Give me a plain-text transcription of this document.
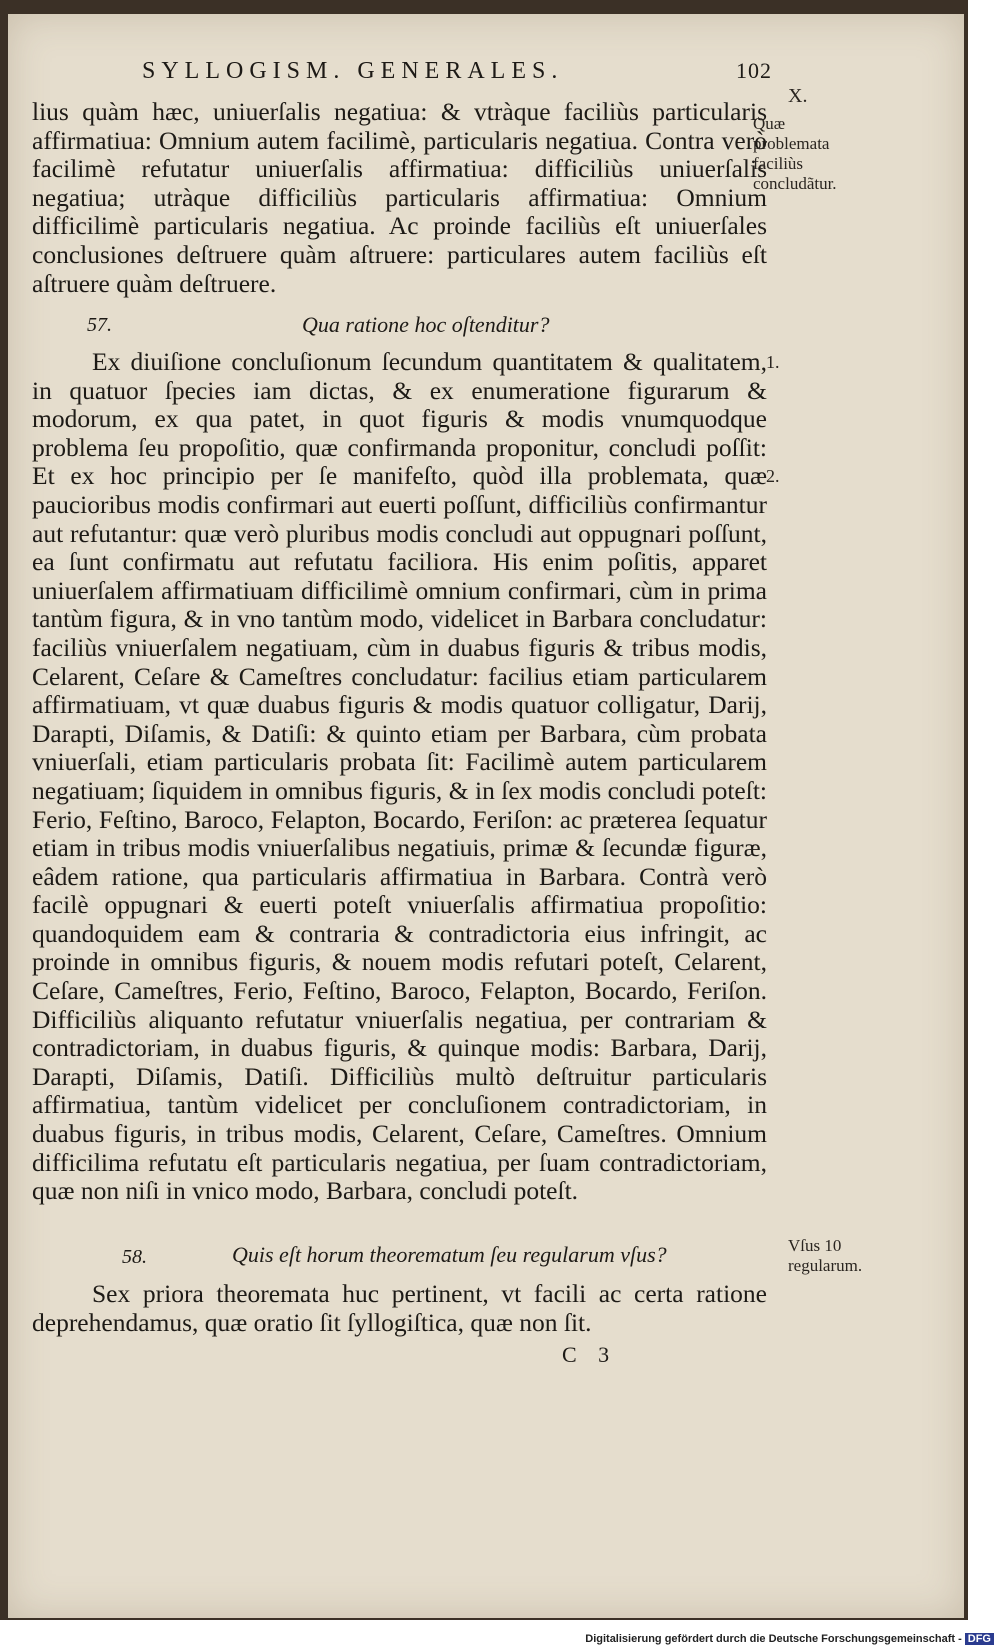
SYLLOGISM. GENERALES.	102
lius quàm hæc, uniuerſalis negatiua: & vtràque faciliùs particularis affirmatiua: Omnium autem facilimè, particularis negatiua. Contra verò facilimè refutatur uniuerſalis affirmatiua: difficiliùs uniuerſalis negatiua; utràque difficiliùs particularis affirmatiua: Omnium difficilimè particularis negatiua. Ac proinde faciliùs eſt uniuerſales conclusiones deſtruere quàm aſtruere: particulares autem faciliùs eſt aſtruere quàm deſtruere.
57.	Qua ratione hoc oſtenditur?
Ex diuiſione concluſionum ſecundum quantitatem & qualitatem, in quatuor ſpecies iam dictas, & ex enumeratione figurarum & modorum, ex qua patet, in quot figuris & modis vnumquodque problema ſeu propoſitio, quæ confirmanda proponitur, concludi poſſit: Et ex hoc principio per ſe manifeſto, quòd illa problemata, quæ paucioribus modis confirmari aut euerti poſſunt, difficiliùs confirmantur aut refutantur: quæ verò pluribus modis concludi aut oppugnari poſſunt, ea ſunt confirmatu aut refutatu faciliora. His enim poſitis, apparet uniuerſalem affirmatiuam difficilimè omnium confirmari, cùm in prima tantùm figura, & in vno tantùm modo, videlicet in Barbara concludatur: faciliùs vniuerſalem negatiuam, cùm in duabus figuris & tribus modis, Celarent, Ceſare & Cameſtres concludatur: facilius etiam particularem affirmatiuam, vt quæ duabus figuris & modis quatuor colligatur, Darij, Darapti, Diſamis, & Datiſi: & quinto etiam per Barbara, cùm probata vniuerſali, etiam particularis probata ſit: Facilimè autem particularem negatiuam; ſiquidem in omnibus figuris, & in ſex modis concludi poteſt: Ferio, Feſtino, Baroco, Felapton, Bocardo, Feriſon: ac præterea ſequatur etiam in tribus modis vniuerſalibus negatiuis, primæ & ſecundæ figuræ, eâdem ratione, qua particularis affirmatiua in Barbara. Contrà verò facilè oppugnari & euerti poteſt vniuerſalis affirmatiua propoſitio: quandoquidem eam & contraria & contradictoria eius infringit, ac proinde in omnibus figuris, & nouem modis refutari poteſt, Celarent, Ceſare, Cameſtres, Ferio, Feſtino, Baroco, Felapton, Bocardo, Feriſon. Difficiliùs aliquanto refutatur vniuerſalis negatiua, per contrariam & contradictoriam, in duabus figuris, & quinque modis: Barbara, Darij, Darapti, Diſamis, Datiſi. Difficiliùs multò deſtruitur particularis affirmatiua, tantùm videlicet per concluſionem contradictoriam, in duabus figuris, in tribus modis, Celarent, Ceſare, Cameſtres. Omnium difficilima refutatu eſt particularis negatiua, per ſuam contradictoriam, quæ non niſi in vnico modo, Barbara, concludi poteſt.
58.	Quis eſt horum theorematum ſeu regularum vſus?
Sex priora theoremata huc pertinent, vt facili ac certa ratione deprehendamus, quæ oratio ſit ſyllogiſtica, quæ non ſit.
C 3
X.
Quæ problemata faciliùs concludãtur.
1.
2.
Vſus 10 regularum.
Digitalisierung gefördert durch die Deutsche Forschungsgemeinschaft - DFG
